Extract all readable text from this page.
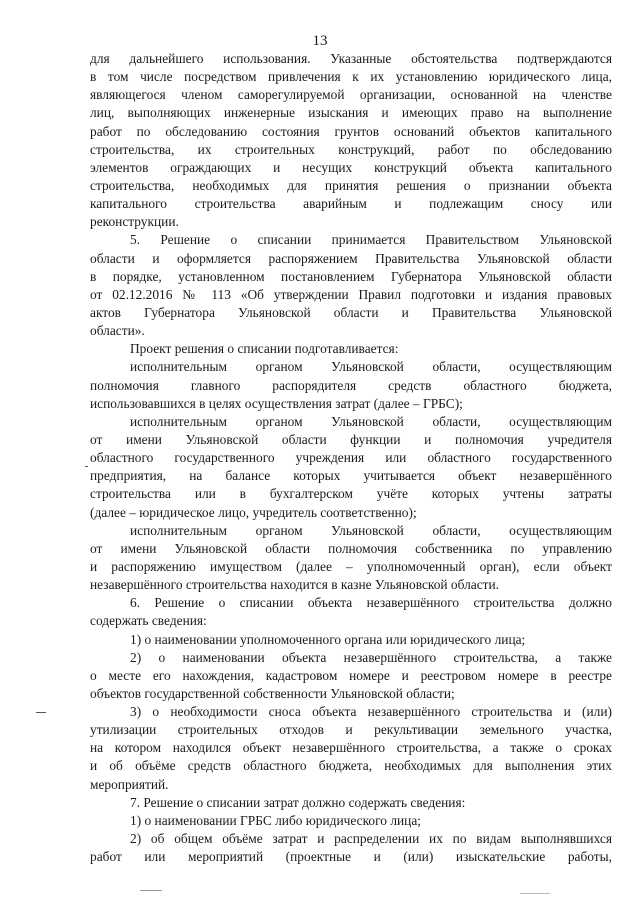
13
для дальнейшего использования. Указанные обстоятельства подтверждаются
в том числе посредством привлечения к их установлению юридического лица,
являющегося членом саморегулируемой организации, основанной на членстве
лиц, выполняющих инженерные изыскания и имеющих право на выполнение
работ по обследованию состояния грунтов оснований объектов капитального
строительства, их строительных конструкций, работ по обследованию
элементов ограждающих и несущих конструкций объекта капитального
строительства, необходимых для принятия решения о признании объекта
капитального строительства аварийным и подлежащим сносу или
реконструкции.
5. Решение о списании принимается Правительством Ульяновской
области и оформляется распоряжением Правительства Ульяновской области
в порядке, установленном постановлением Губернатора Ульяновской области
от 02.12.2016 № 113 «Об утверждении Правил подготовки и издания правовых
актов Губернатора Ульяновской области и Правительства Ульяновской
области».
Проект решения о списании подготавливается:
исполнительным органом Ульяновской области, осуществляющим
полномочия главного распорядителя средств областного бюджета,
использовавшихся в целях осуществления затрат (далее – ГРБС);
исполнительным органом Ульяновской области, осуществляющим
от имени Ульяновской области функции и полномочия учредителя
областного государственного учреждения или областного государственного
предприятия, на балансе которых учитывается объект незавершённого
строительства или в бухгалтерском учёте которых учтены затраты
(далее – юридическое лицо, учредитель соответственно);
исполнительным органом Ульяновской области, осуществляющим
от имени Ульяновской области полномочия собственника по управлению
и распоряжению имуществом (далее – уполномоченный орган), если объект
незавершённого строительства находится в казне Ульяновской области.
6. Решение о списании объекта незавершённого строительства должно
содержать сведения:
1) о наименовании уполномоченного органа или юридического лица;
2) о наименовании объекта незавершённого строительства, а также
о месте его нахождения, кадастровом номере и реестровом номере в реестре
объектов государственной собственности Ульяновской области;
3) о необходимости сноса объекта незавершённого строительства и (или)
утилизации строительных отходов и рекультивации земельного участка,
на котором находился объект незавершённого строительства, а также о сроках
и об объёме средств областного бюджета, необходимых для выполнения этих
мероприятий.
7. Решение о списании затрат должно содержать сведения:
1) о наименовании ГРБС либо юридического лица;
2) об общем объёме затрат и распределении их по видам выполнявшихся
работ или мероприятий (проектные и (или) изыскательские работы,
